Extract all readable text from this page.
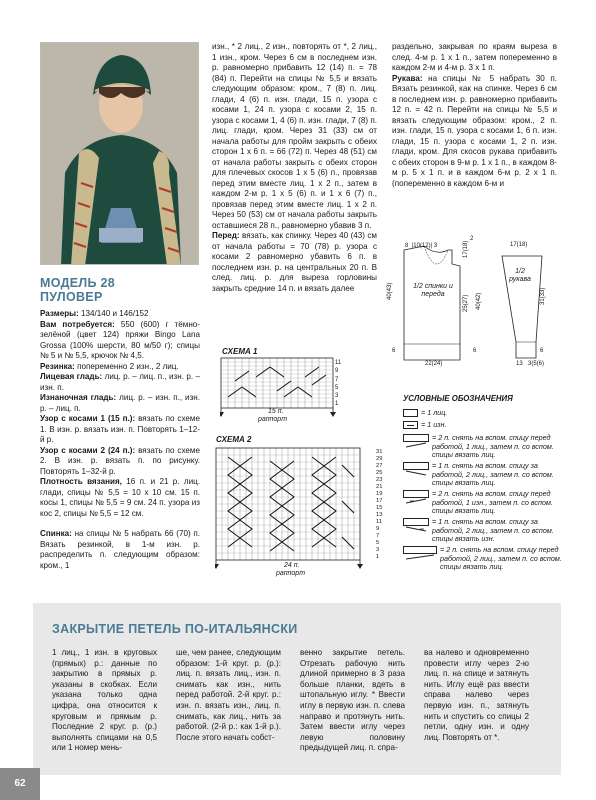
МОДЕЛЬ 28
ПУЛОВЕР

Размеры: 134/140 и 146/152

Вам потребуется: 550 (600) г тёмно-зелёной (цвет 124) пряжи Bingo Lana Grossa (100% шерсти, 80 м/50 г); спицы № 5 и № 5,5, крючок № 4,5.

Резинка: попеременно 2 изн., 2 лиц.

Лицевая гладь: лиц. р. – лиц. п., изн. р. – изн. п.

Изнаночная гладь: лиц. р. – изн. п., изн. р. – лиц. п.

Узор с косами 1 (15 п.): вязать по схеме 1. В изн. р. вязать изн. п. Повторять 1–12-й р.

Узор с косами 2 (24 п.): вязать по схеме 2. В изн. р. вязать п. по рисунку. Повторять 1–32-й р.

Плотность вязания, 16 п. и 21 р. лиц. глади, спицы № 5,5 = 10 х 10 см. 15 п. косы 1, спицы № 5,5 = 9 см. 24 п. узора из кос 2, спицы № 5,5 = 12 см.

Спинка: на спицы № 5 набрать 66 (70) п. Вязать резинкой, в 1-м изн. р. распределить п. следующим образом: кром., 1

изн., * 2 лиц., 2 изн., повторять от *, 2 лиц., 1 изн., кром. Через 6 см в последнем изн. р. равномерно прибавить 12 (14) п. = 78 (84) п. Перейти на спицы № 5,5 и вязать следующим образом: кром., 7 (8) п. лиц. глади, 4 (6) п. изн. глади, 15 п. узора с косами 1, 24 п. узора с косами 2, 15 п. узора с косами 1, 4 (6) п. изн. глади, 7 (8) п. лиц. глади, кром. Через 31 (33) см от начала работы для пройм закрыть с обеих сторон 1 х 6 п. = 66 (72) п. Через 48 (51) см от начала работы закрыть с обеих сторон для плечевых скосов 1 х 5 (6) п., провязав перед этим вместе лиц. 1 х 2 п., затем в каждом 2-м р. 1 х 5 (6) п. и 1 х 6 (7) п., провязав перед этим вместе лиц. 1 х 2 п. Через 50 (53) см от начала работы закрыть оставшиеся 28 п., равномерно убавив 3 п.

Перед: вязать, как спинку. Через 40 (43) см от начала работы = 70 (78) р. узора с косами 2 равномерно убавить 6 п. в последнем изн. р. на центральных 20 п. В след. лиц. р. для выреза горловины закрыть средние 14 п. и вязать далее

раздельно, закрывая по краям выреза в след. 4-м р. 1 х 1 п., затем попеременно в каждом 2-м и 4-м р. 3 х 1 п.

Рукава: на спицы № 5 набрать 30 п. Вязать резинкой, как на спинке. Через 6 см в последнем изн. р. равномерно прибавить 12 п. = 42 п. Перейти на спицы № 5,5 и вязать следующим образом: кром., 2 п. изн. глади, 15 п. узора с косами 1, 6 п. изн. глади, 15 п. узора с косами 1, 2 п. изн. глади, кром. Для скосов рукава прибавить с обеих сторон в 9-м р. 1 х 1 п., в каждом 8-м р. 5 х 1 п. и в каждом 6-м р. 2 х 1 п. (попеременно в каждом 6-м и

СХЕМА 1
11
9
7
5
3
1
15 п.
раппорт
СХЕМА 2
31
29
27
25
23
21
19
17
15
13
11
9
7
5
3
1
24 п.
раппорт
1/2 спинки и переда
8  |10(12)| 3
40(43)
6
17(18)
2
25(27) 40(42)
6
22(24)
1/2 рукава
17(18)
31(33)
6
13 3(5(6)
УСЛОВНЫЕ ОБОЗНАЧЕНИЯ
= 1 лиц.
= 1 изн.
= 2 п. снять на вспом. спицу перед работой, 1 лиц., затем п. со вспом. спицы вязать лиц.
= 1 п. снять на вспом. спицу за работой, 2 лиц., затем п. со вспом. спицы вязать лиц.
= 2 п. снять на вспом. спицу перед работой, 1 изн., затем п. со вспом. спицы вязать лиц.
= 1 п. снять на вспом. спицу за работой, 2 лиц., затем п. со вспом. спицы вязать изн.
= 2 п. снять на вспом. спицу перед работой, 2 лиц., затем п. со вспом. спицы вязать лиц.
ЗАКРЫТИЕ ПЕТЕЛЬ ПО-ИТАЛЬЯНСКИ
1 лиц., 1 изн. в круговых (прямых) р.: данные по закрытию в прямых р. указаны в скобках. Если указана только одна цифра, она относится к круговым и прямым р. Последние 2 круг. р. (р.) выполнять спицами на 0,5 или 1 номер мень-
ше, чем ранее, следующим образом: 1-й круг. р. (р.): лиц. п. вязать лиц., изн. п. снимать как изн., нить перед работой. 2-й круг. р.: изн. п. вязать изн., лиц. п. снимать, как лиц., нить за работой. (2-й р.: как 1-й р.). После этого начать собст-
венно закрытие петель. Отрезать рабочую нить длиной примерно в 3 раза больше планки, вдеть в штопальную иглу. * Ввести иглу в первую изн. п. слева направо и протянуть нить. Затем ввести иглу через левую половину предыдущей лиц. п. спра-
ва налево и одновременно провести иглу через 2-ю лиц. п. на спице и затянуть нить. Иглу ещё раз ввести справа налево через первую изн. п., затянуть нить и спустить со спицы 2 петли, одну изн. и одну лиц. Повторять от *.
62
